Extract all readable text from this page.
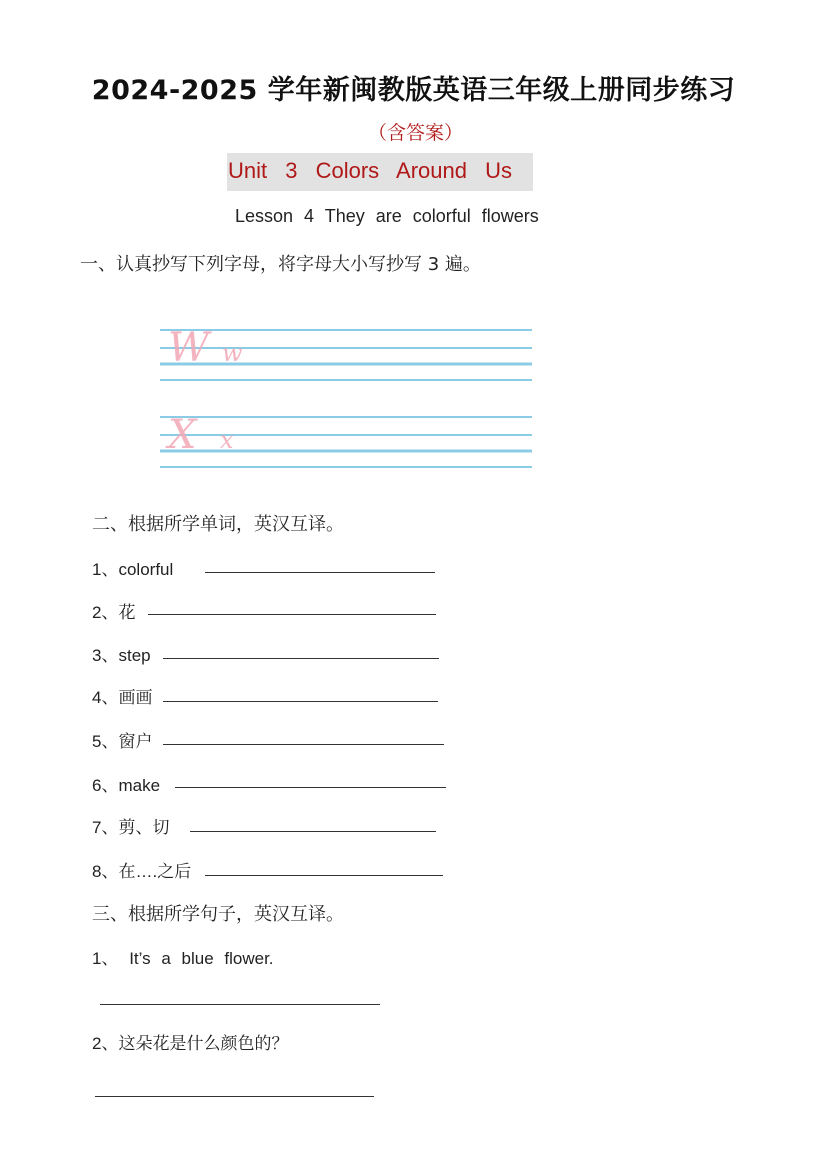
2024-2025 学年新闽教版英语三年级上册同步练习
（含答案）
Unit 3 Colors Around Us
Lesson 4 They are colorful flowers
一、认真抄写下列字母，将字母大小写抄写 3 遍。
W w
X x
二、根据所学单词，英汉互译。
1、colorful
2、花
3、step
4、画画
5、窗户
6、make
7、剪、切
8、在….之后
三、根据所学句子，英汉互译。
1、 It’s a blue flower.
2、这朵花是什么颜色的？
